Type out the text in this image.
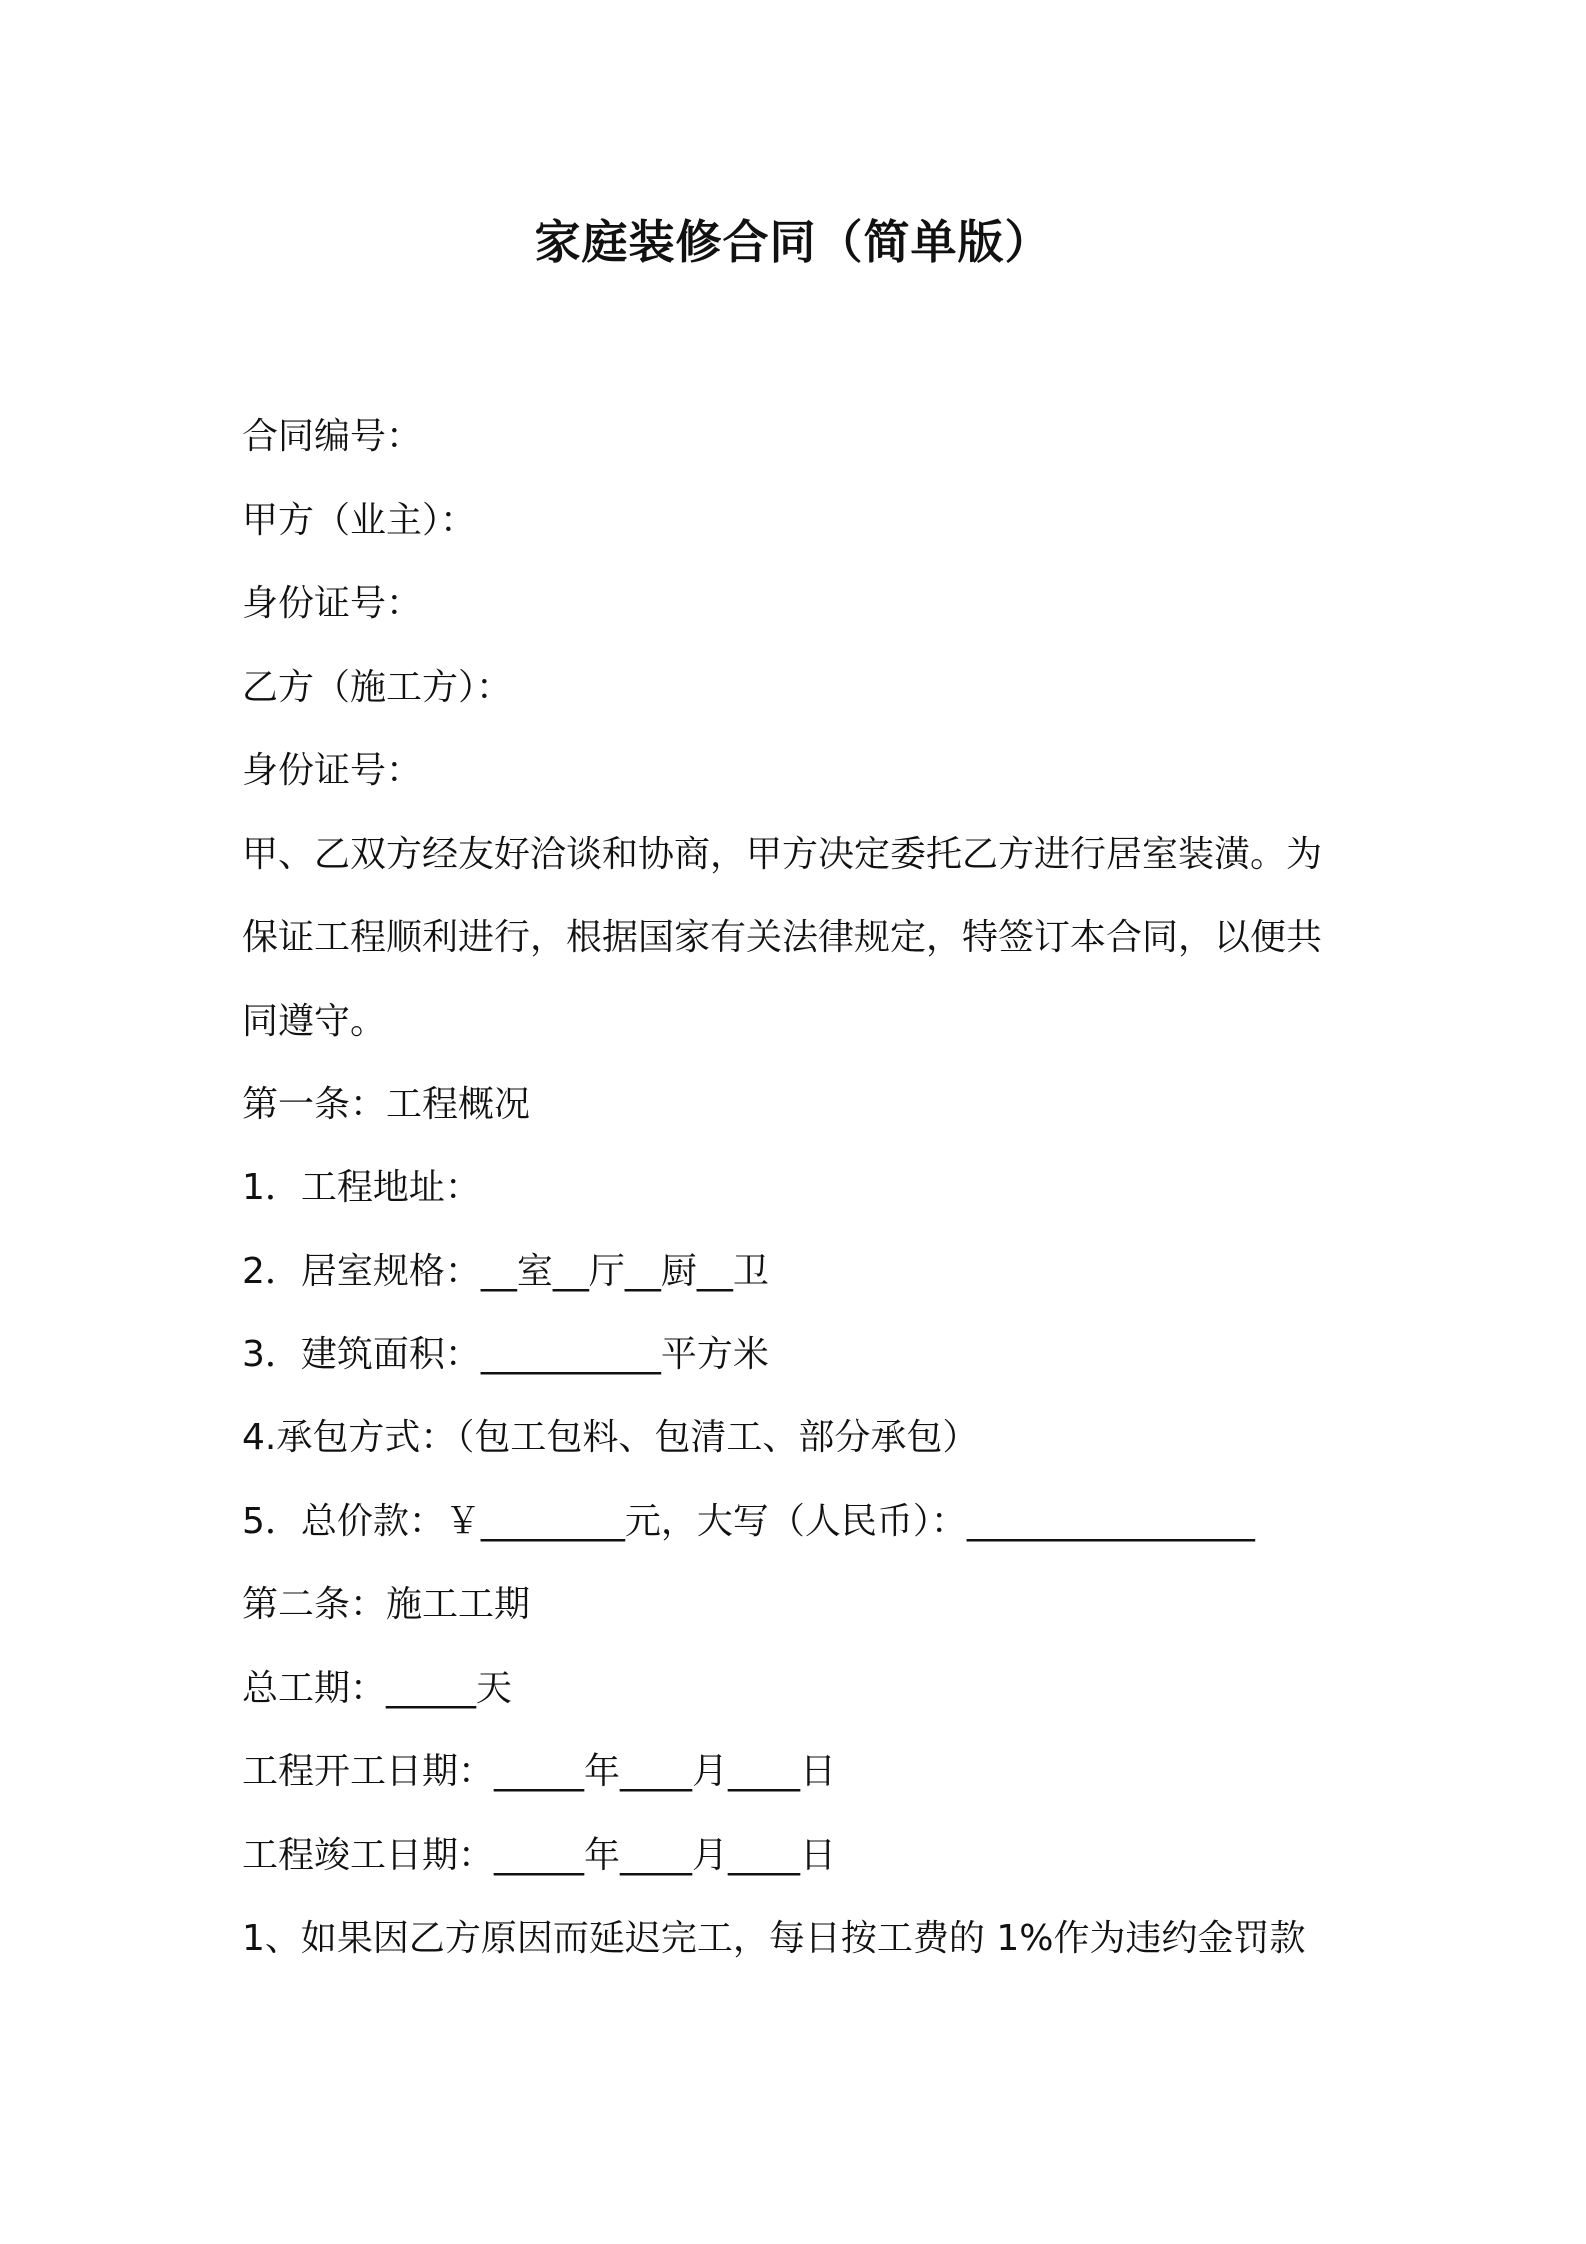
家庭装修合同（简单版）

合同编号：

甲方（业主）：

身份证号：

乙方（施工方）：

身份证号：

甲、乙双方经友好洽谈和协商，甲方决定委托乙方进行居室装潢。为

保证工程顺利进行，根据国家有关法律规定，特签订本合同，以便共

同遵守。

第一条：工程概况

1．工程地址：

2．居室规格：__室__厅__厨__卫

3．建筑面积：__________平方米

4.承包方式：（包工包料、包清工、部分承包）

5．总价款：￥________元，大写（人民币）：________________

第二条：施工工期

总工期：_____天

工程开工日期：_____年____月____日

工程竣工日期：_____年____月____日

1、如果因乙方原因而延迟完工，每日按工费的 1%作为违约金罚款
